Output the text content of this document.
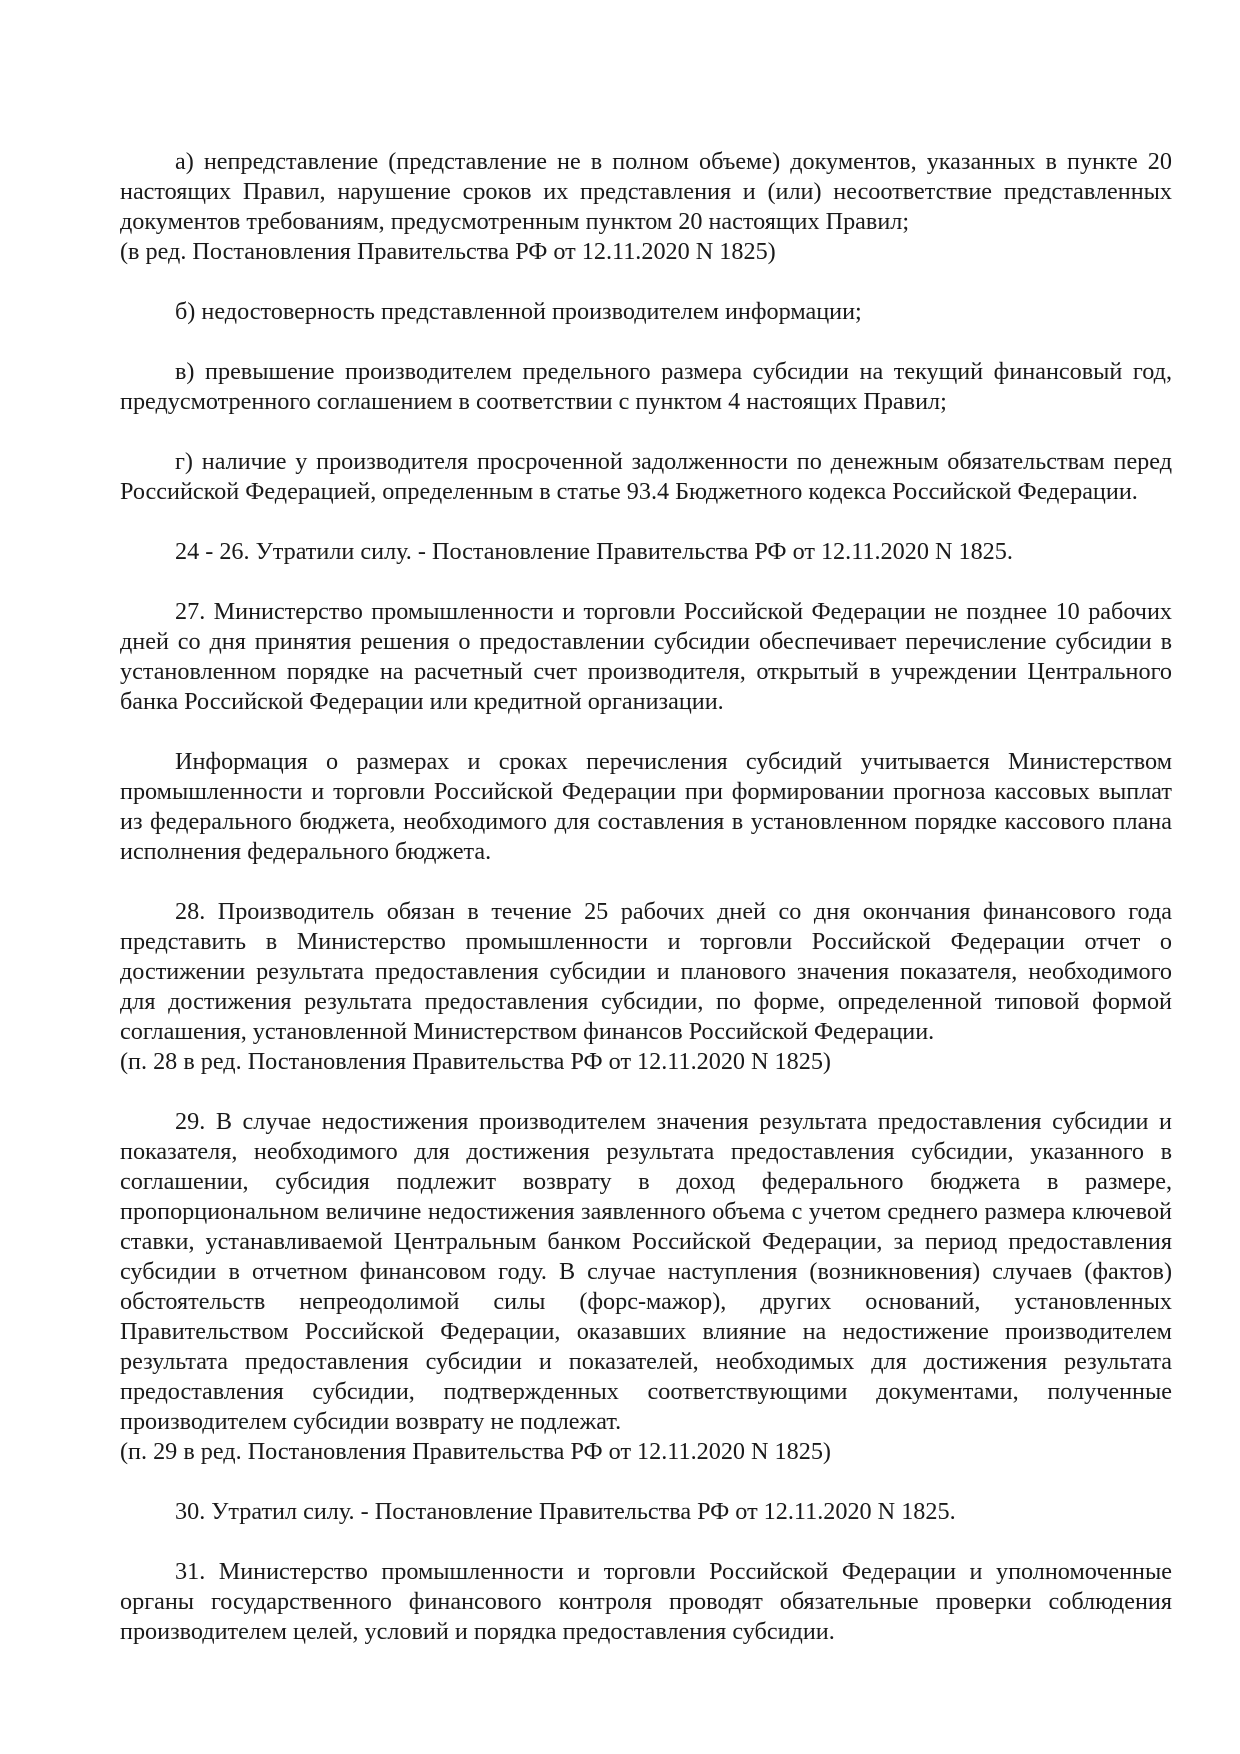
а) непредставление (представление не в полном объеме) документов, указанных в пункте 20 настоящих Правил, нарушение сроков их представления и (или) несоответствие представленных документов требованиям, предусмотренным пунктом 20 настоящих Правил;

(в ред. Постановления Правительства РФ от 12.11.2020 N 1825)

б) недостоверность представленной производителем информации;

в) превышение производителем предельного размера субсидии на текущий финансовый год, предусмотренного соглашением в соответствии с пунктом 4 настоящих Правил;

г) наличие у производителя просроченной задолженности по денежным обязательствам перед Российской Федерацией, определенным в статье 93.4 Бюджетного кодекса Российской Федерации.

24 - 26. Утратили силу. - Постановление Правительства РФ от 12.11.2020 N 1825.

27. Министерство промышленности и торговли Российской Федерации не позднее 10 рабочих дней со дня принятия решения о предоставлении субсидии обеспечивает перечисление субсидии в установленном порядке на расчетный счет производителя, открытый в учреждении Центрального банка Российской Федерации или кредитной организации.

Информация о размерах и сроках перечисления субсидий учитывается Министерством промышленности и торговли Российской Федерации при формировании прогноза кассовых выплат из федерального бюджета, необходимого для составления в установленном порядке кассового плана исполнения федерального бюджета.

28. Производитель обязан в течение 25 рабочих дней со дня окончания финансового года представить в Министерство промышленности и торговли Российской Федерации отчет о достижении результата предоставления субсидии и планового значения показателя, необходимого для достижения результата предоставления субсидии, по форме, определенной типовой формой соглашения, установленной Министерством финансов Российской Федерации.

(п. 28 в ред. Постановления Правительства РФ от 12.11.2020 N 1825)

29. В случае недостижения производителем значения результата предоставления субсидии и показателя, необходимого для достижения результата предоставления субсидии, указанного в соглашении, субсидия подлежит возврату в доход федерального бюджета в размере, пропорциональном величине недостижения заявленного объема с учетом среднего размера ключевой ставки, устанавливаемой Центральным банком Российской Федерации, за период предоставления субсидии в отчетном финансовом году. В случае наступления (возникновения) случаев (фактов) обстоятельств непреодолимой силы (форс-мажор), других оснований, установленных Правительством Российской Федерации, оказавших влияние на недостижение производителем результата предоставления субсидии и показателей, необходимых для достижения результата предоставления субсидии, подтвержденных соответствующими документами, полученные производителем субсидии возврату не подлежат.

(п. 29 в ред. Постановления Правительства РФ от 12.11.2020 N 1825)

30. Утратил силу. - Постановление Правительства РФ от 12.11.2020 N 1825.

31. Министерство промышленности и торговли Российской Федерации и уполномоченные органы государственного финансового контроля проводят обязательные проверки соблюдения производителем целей, условий и порядка предоставления субсидии.
